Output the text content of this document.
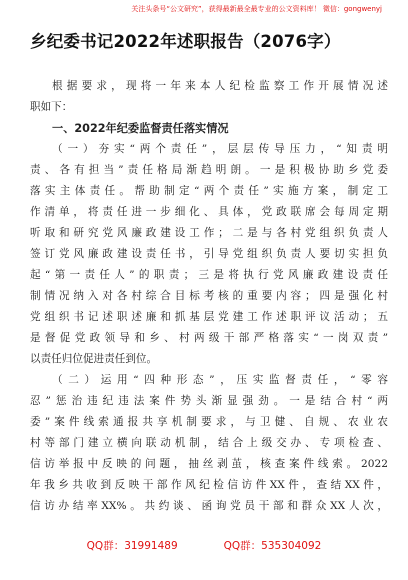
关注头条号“公文研究”，获得最新最全最专业的公文资料库！ 微信：gongwenyj
乡纪委书记2022年述职报告（2076字）
根据要求，现将一年来本人纪检监察工作开展情况述
职如下：
一、2022年纪委监督责任落实情况
（一）夯实“两个责任”，层层传导压力，“知责明
责、各有担当”责任格局渐趋明朗。一是积极协助乡党委
落实主体责任。帮助制定“两个责任”实施方案，制定工
作清单，将责任进一步细化、具体，党政联席会每周定期
听取和研究党风廉政建设工作；二是与各村党组织负责人
签订党风廉政建设责任书，引导党组织负责人要切实担负
起“第一责任人”的职责；三是将执行党风廉政建设责任
制情况纳入对各村综合目标考核的重要内容；四是强化村
党组织书记述职述廉和抓基层党建工作述职评议活动；五
是督促党政领导和乡、村两级干部严格落实“一岗双责”
以责任归位促进责任到位。
（二）运用“四种形态”，压实监督责任，“零容
忍”惩治违纪违法案件势头渐显强劲。一是结合村“两
委”案件线索通报共享机制要求，与卫健、自规、农业农
村等部门建立横向联动机制，结合上级交办、专项检查、
信访举报中反映的问题，抽丝剥茧，核查案件线索。2022
年我乡共收到反映干部作风纪检信访件XX件，查结XX件，
信访办结率XX%。共约谈、函询党员干部和群众XX人次，
QQ群：31991489	QQ群：535304092
